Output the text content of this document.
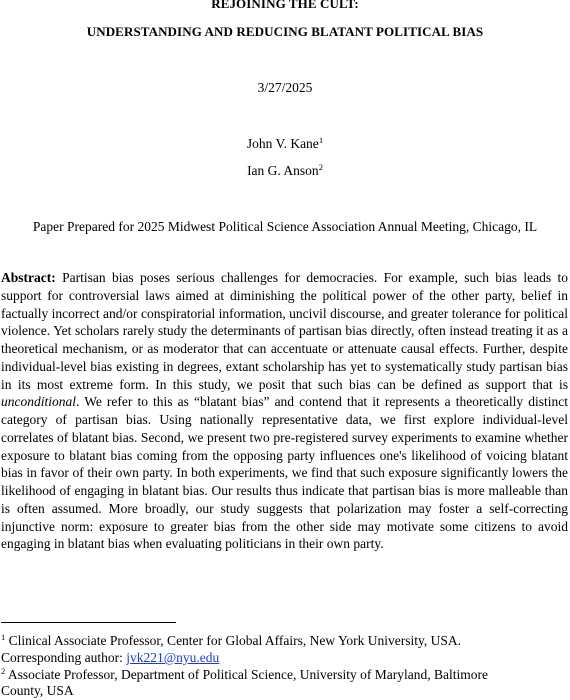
REJOINING THE CULT:
UNDERSTANDING AND REDUCING BLATANT POLITICAL BIAS
3/27/2025
John V. Kane$^1$
Ian G. Anson$^2$
Paper Prepared for 2025 Midwest Political Science Association Annual Meeting, Chicago, IL

Abstract: Partisan bias poses serious challenges for democracies. For example, such bias leads to support for controversial laws aimed at diminishing the political power of the other party, belief in factually incorrect and/or conspiratorial information, uncivil discourse, and greater tolerance for political violence. Yet scholars rarely study the determinants of partisan bias directly, often instead treating it as a theoretical mechanism, or as moderator that can accentuate or attenuate causal effects. Further, despite individual-level bias existing in degrees, extant scholarship has yet to systematically study partisan bias in its most extreme form. In this study, we posit that such bias can be defined as support that is unconditional. We refer to this as “blatant bias” and contend that it represents a theoretically distinct category of partisan bias. Using nationally representative data, we first explore individual-level correlates of blatant bias. Second, we present two pre-registered survey experiments to examine whether exposure to blatant bias coming from the opposing party influences one's likelihood of voicing blatant bias in favor of their own party. In both experiments, we find that such exposure significantly lowers the likelihood of engaging in blatant bias. Our results thus indicate that partisan bias is more malleable than is often assumed. More broadly, our study suggests that polarization may foster a self-correcting injunctive norm: exposure to greater bias from the other side may motivate some citizens to avoid engaging in blatant bias when evaluating politicians in their own party.

$^1$ Clinical Associate Professor, Center for Global Affairs, New York University, USA.
Corresponding author: jvk221@nyu.edu
$^2$ Associate Professor, Department of Political Science, University of Maryland, Baltimore
County, USA
